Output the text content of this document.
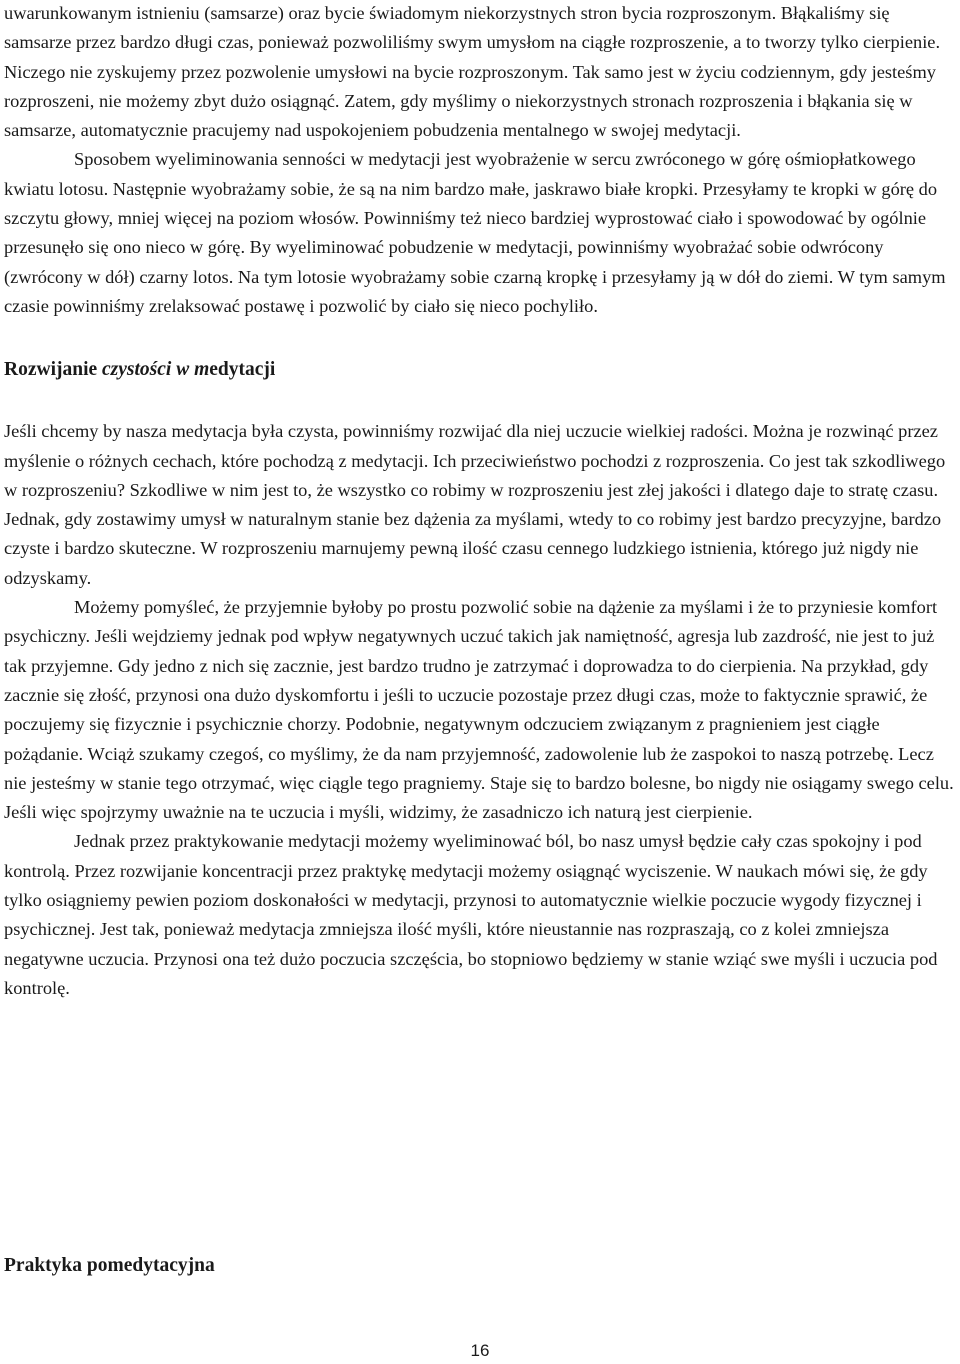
uwarunkowanym istnieniu (samsarze) oraz bycie świadomym niekorzystnych stron bycia rozproszonym. Błąkaliśmy się samsarze przez bardzo długi czas, ponieważ pozwoliliśmy swym umysłom na ciągłe rozproszenie, a to tworzy tylko cierpienie. Niczego nie zyskujemy przez pozwolenie umysłowi na bycie rozproszonym. Tak samo jest w życiu codziennym, gdy jesteśmy rozproszeni, nie możemy zbyt dużo osiągnąć. Zatem, gdy myślimy o niekorzystnych stronach rozproszenia i błąkania się w samsarze, automatycznie pracujemy nad uspokojeniem pobudzenia mentalnego w swojej medytacji.

Sposobem wyeliminowania senności w medytacji jest wyobrażenie w sercu zwróconego w górę ośmiopłatkowego kwiatu lotosu. Następnie wyobrażamy sobie, że są na nim bardzo małe, jaskrawo białe kropki. Przesyłamy te kropki w górę do szczytu głowy, mniej więcej na poziom włosów. Powinniśmy też nieco bardziej wyprostować ciało i spowodować by ogólnie przesunęło się ono nieco w górę. By wyeliminować pobudzenie w medytacji, powinniśmy wyobrażać sobie odwrócony (zwrócony w dół) czarny lotos. Na tym lotosie wyobrażamy sobie czarną kropkę i przesyłamy ją w dół do ziemi. W tym samym czasie powinniśmy zrelaksować postawę i pozwolić by ciało się nieco pochyliło.

Rozwijanie czystości w medytacji

Jeśli chcemy by nasza medytacja była czysta, powinniśmy rozwijać dla niej uczucie wielkiej radości. Można je rozwinąć przez myślenie o różnych cechach, które pochodzą z medytacji. Ich przeciwieństwo pochodzi z rozproszenia. Co jest tak szkodliwego w rozproszeniu? Szkodliwe w nim jest to, że wszystko co robimy w rozproszeniu jest złej jakości i dlatego daje to stratę czasu. Jednak, gdy zostawimy umysł w naturalnym stanie bez dążenia za myślami, wtedy to co robimy jest bardzo precyzyjne, bardzo czyste i bardzo skuteczne. W rozproszeniu marnujemy pewną ilość czasu cennego ludzkiego istnienia, którego już nigdy nie odzyskamy.

Możemy pomyśleć, że przyjemnie byłoby po prostu pozwolić sobie na dążenie za myślami i że to przyniesie komfort psychiczny. Jeśli wejdziemy jednak pod wpływ negatywnych uczuć takich jak namiętność, agresja lub zazdrość, nie jest to już tak przyjemne. Gdy jedno z nich się zacznie, jest bardzo trudno je zatrzymać i doprowadza to do cierpienia. Na przykład, gdy zacznie się złość, przynosi ona dużo dyskomfortu i jeśli to uczucie pozostaje przez długi czas, może to faktycznie sprawić, że poczujemy się fizycznie i psychicznie chorzy. Podobnie, negatywnym odczuciem związanym z pragnieniem jest ciągłe pożądanie. Wciąż szukamy czegoś, co myślimy, że da nam przyjemność, zadowolenie lub że zaspokoi to naszą potrzebę. Lecz nie jesteśmy w stanie tego otrzymać, więc ciągle tego pragniemy. Staje się to bardzo bolesne, bo nigdy nie osiągamy swego celu. Jeśli więc spojrzymy uważnie na te uczucia i myśli, widzimy, że zasadniczo ich naturą jest cierpienie.

Jednak przez praktykowanie medytacji możemy wyeliminować ból, bo nasz umysł będzie cały czas spokojny i pod kontrolą. Przez rozwijanie koncentracji przez praktykę medytacji możemy osiągnąć wyciszenie. W naukach mówi się, że gdy tylko osiągniemy pewien poziom doskonałości w medytacji, przynosi to automatycznie wielkie poczucie wygody fizycznej i psychicznej. Jest tak, ponieważ medytacja zmniejsza ilość myśli, które nieustannie nas rozpraszają, co z kolei zmniejsza negatywne uczucia. Przynosi ona też dużo poczucia szczęścia, bo stopniowo będziemy w stanie wziąć swe myśli i uczucia pod kontrolę.

Praktyka pomedytacyjna
16
